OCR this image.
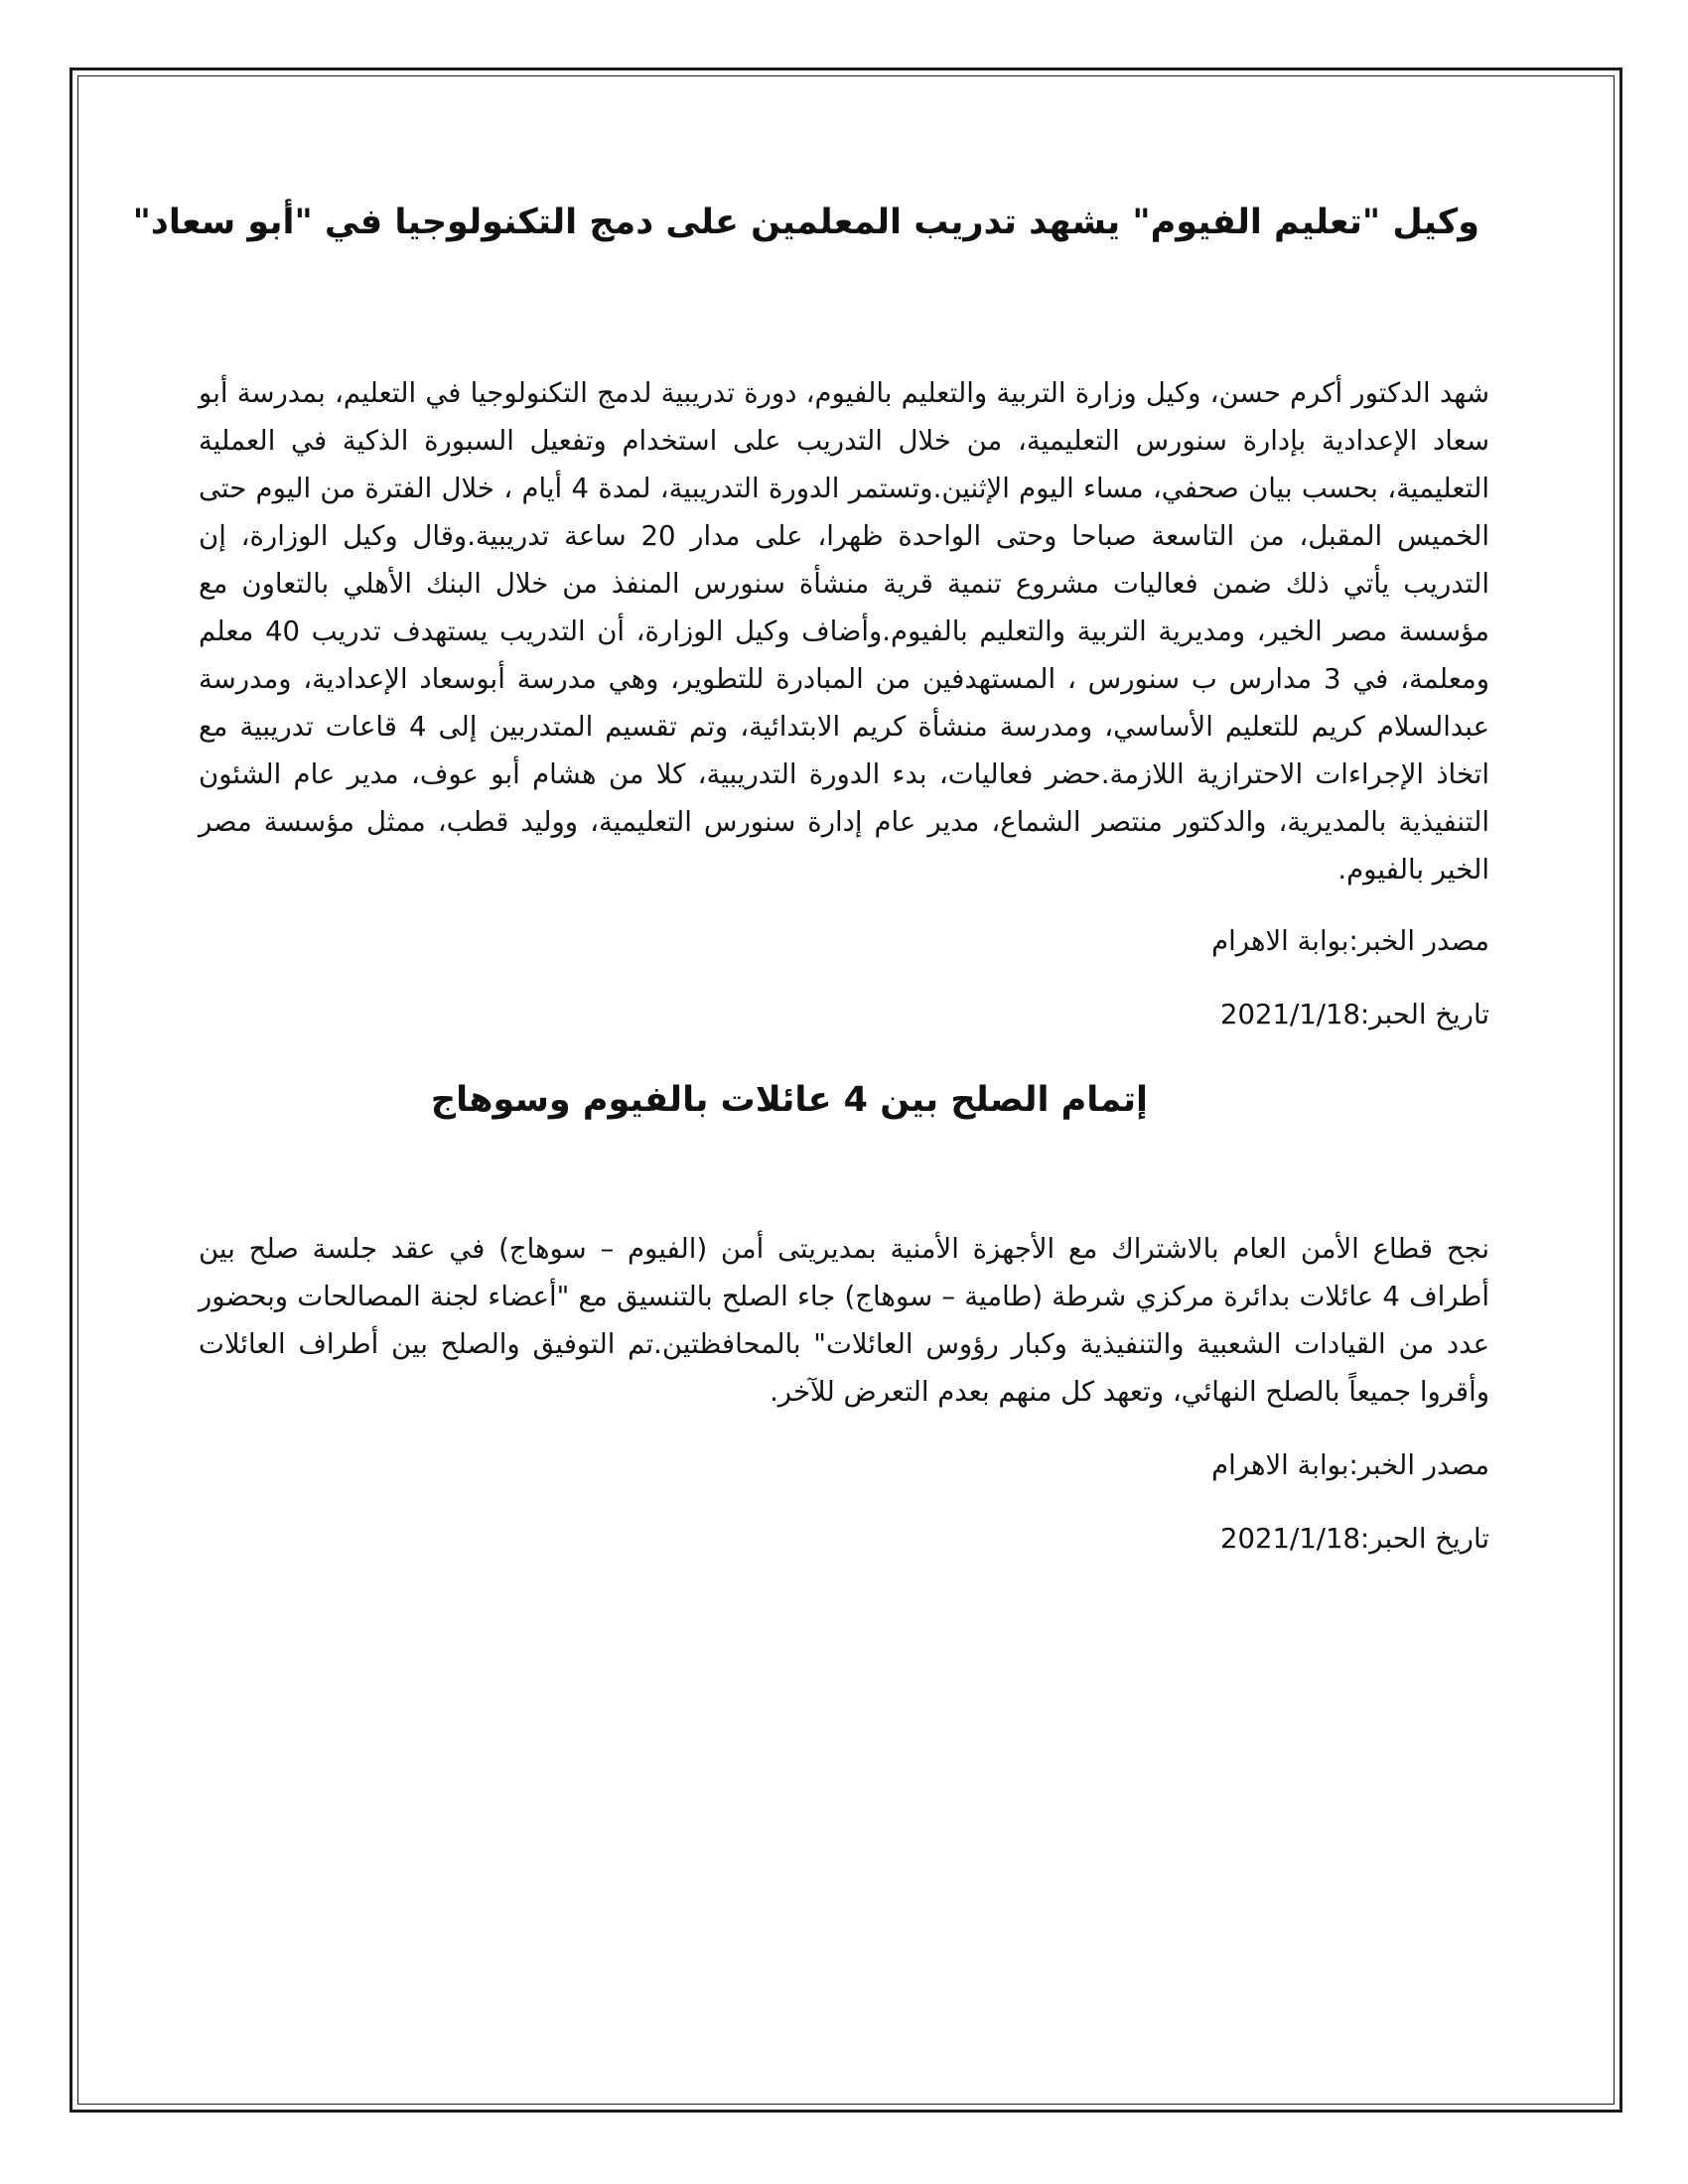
وكيل "تعليم الفيوم" يشهد تدريب المعلمين على دمج التكنولوجيا في "أبو سعاد"

شهد الدكتور أكرم حسن، وكيل وزارة التربية والتعليم بالفيوم، دورة تدريبية لدمج التكنولوجيا في التعليم، بمدرسة أبو سعاد الإعدادية بإدارة سنورس التعليمية، من خلال التدريب على استخدام وتفعيل السبورة الذكية في العملية التعليمية، بحسب بيان صحفي، مساء اليوم الإثنين.وتستمر الدورة التدريبية، لمدة 4 أيام ، خلال الفترة من اليوم حتى الخميس المقبل، من التاسعة صباحا وحتى الواحدة ظهرا، على مدار 20 ساعة تدريبية.وقال وكيل الوزارة، إن التدريب يأتي ذلك ضمن فعاليات مشروع تنمية قرية منشأة سنورس المنفذ من خلال البنك الأهلي بالتعاون مع مؤسسة مصر الخير، ومديرية التربية والتعليم بالفيوم.وأضاف وكيل الوزارة، أن التدريب يستهدف تدريب 40 معلم ومعلمة، في 3 مدارس ب سنورس ، المستهدفين من المبادرة للتطوير، وهي مدرسة أبوسعاد الإعدادية، ومدرسة عبدالسلام كريم للتعليم الأساسي، ومدرسة منشأة كريم الابتدائية، وتم تقسيم المتدربين إلى 4 قاعات تدريبية مع اتخاذ الإجراءات الاحترازية اللازمة.حضر فعاليات، بدء الدورة التدريبية، كلا من هشام أبو عوف، مدير عام الشئون التنفيذية بالمديرية، والدكتور منتصر الشماع، مدير عام إدارة سنورس التعليمية، ووليد قطب، ممثل مؤسسة مصر الخير بالفيوم.

مصدر الخبر:بوابة الاهرام

تاريخ الحبر:2021/1/18

إتمام الصلح بين 4 عائلات بالفيوم وسوهاج

نجح قطاع الأمن العام بالاشتراك مع الأجهزة الأمنية بمديريتى أمن (الفيوم – سوهاج) في عقد جلسة صلح بين أطراف 4 عائلات بدائرة مركزي شرطة (طامية – سوهاج) جاء الصلح بالتنسيق مع "أعضاء لجنة المصالحات وبحضور عدد من القيادات الشعبية والتنفيذية وكبار رؤوس العائلات" بالمحافظتين.تم التوفيق والصلح بين أطراف العائلات وأقروا جميعاً بالصلح النهائي، وتعهد كل منهم بعدم التعرض للآخر.

مصدر الخبر:بوابة الاهرام

تاريخ الحبر:2021/1/18
